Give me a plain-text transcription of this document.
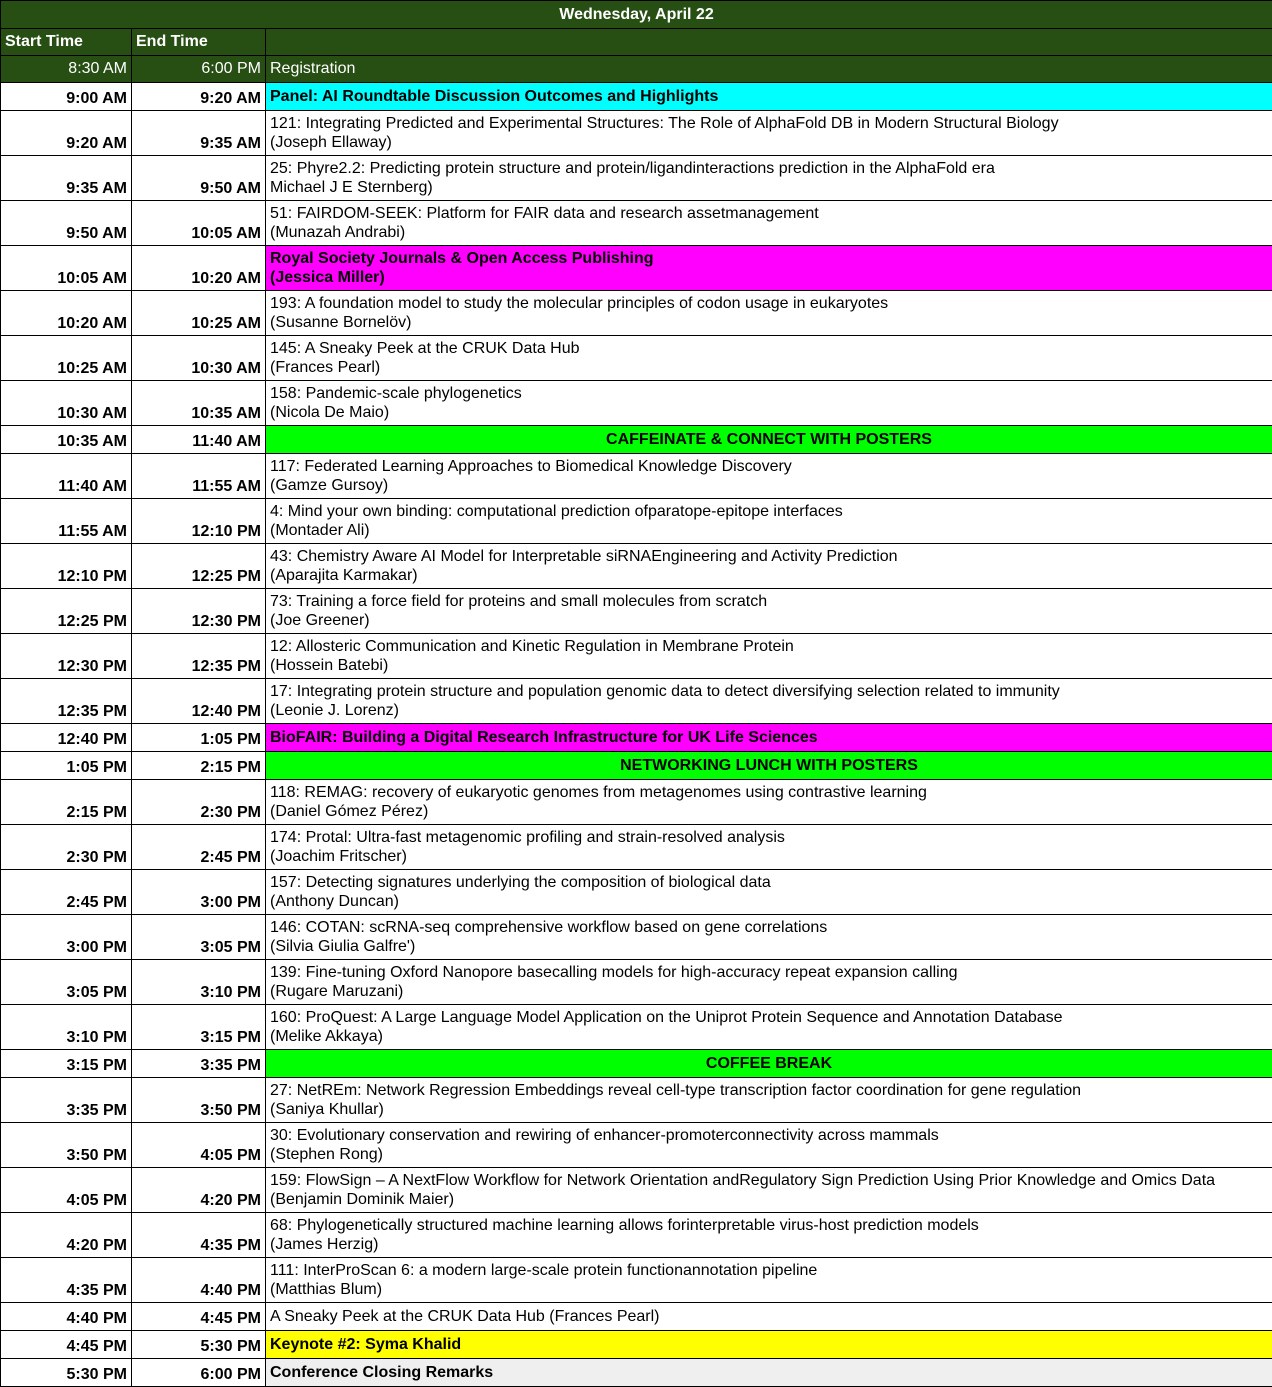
Wednesday, April 22		
Start Time	End Time	
8:30 AM	6:00 PM	Registration
9:00 AM	9:20 AM	Panel: AI Roundtable Discussion Outcomes and Highlights

9:20 AM	9:35 AM	121: Integrating Predicted and Experimental Structures: The Role of AlphaFold DB in Modern Structural Biology
(Joseph Ellaway)

9:35 AM	9:50 AM	25: Phyre2.2: Predicting protein structure and protein/ligandinteractions prediction in the AlphaFold era
Michael J E Sternberg)

9:50 AM	10:05 AM	51: FAIRDOM-SEEK: Platform for FAIR data and research assetmanagement
(Munazah Andrabi)

10:05 AM	10:20 AM	Royal Society Journals & Open Access Publishing
(Jessica Miller)

10:20 AM	10:25 AM	193: A foundation model to study the molecular principles of codon usage in eukaryotes
(Susanne Bornelöv)

10:25 AM	10:30 AM	145: A Sneaky Peek at the CRUK Data Hub
(Frances Pearl)

10:30 AM	10:35 AM	158: Pandemic-scale phylogenetics
(Nicola De Maio)

10:35 AM	11:40 AM	CAFFEINATE & CONNECT WITH POSTERS

11:40 AM	11:55 AM	117: Federated Learning Approaches to Biomedical Knowledge Discovery
(Gamze Gursoy)

11:55 AM	12:10 PM	4: Mind your own binding: computational prediction ofparatope-epitope interfaces
(Montader Ali)

12:10 PM	12:25 PM	43: Chemistry Aware AI Model for Interpretable siRNAEngineering and Activity Prediction
(Aparajita Karmakar)

12:25 PM	12:30 PM	73: Training a force field for proteins and small molecules from scratch
(Joe Greener)

12:30 PM	12:35 PM	12: Allosteric Communication and Kinetic Regulation in Membrane Protein
(Hossein Batebi)

12:35 PM	12:40 PM	17: Integrating protein structure and population genomic data to detect diversifying selection related to immunity
(Leonie J. Lorenz)

12:40 PM	1:05 PM	BioFAIR: Building a Digital Research Infrastructure for UK Life Sciences

1:05 PM	2:15 PM	NETWORKING LUNCH WITH POSTERS

2:15 PM	2:30 PM	118: REMAG: recovery of eukaryotic genomes from metagenomes using contrastive learning
(Daniel Gómez Pérez)

2:30 PM	2:45 PM	174: Protal: Ultra-fast metagenomic profiling and strain-resolved analysis
(Joachim Fritscher)

2:45 PM	3:00 PM	157: Detecting signatures underlying the composition of biological data
(Anthony Duncan)

3:00 PM	3:05 PM	146: COTAN: scRNA-seq comprehensive workflow based on gene correlations
(Silvia Giulia Galfre')

3:05 PM	3:10 PM	139: Fine-tuning Oxford Nanopore basecalling models for high-accuracy repeat expansion calling
(Rugare Maruzani)

3:10 PM	3:15 PM	160: ProQuest: A Large Language Model Application on the Uniprot Protein Sequence and Annotation Database
(Melike Akkaya)

3:15 PM	3:35 PM	COFFEE BREAK

3:35 PM	3:50 PM	27: NetREm: Network Regression Embeddings reveal cell-type transcription factor coordination for gene regulation
(Saniya Khullar)

3:50 PM	4:05 PM	30: Evolutionary conservation and rewiring of enhancer-promoterconnectivity across mammals
(Stephen Rong)

4:05 PM	4:20 PM	159: FlowSign – A NextFlow Workflow for Network Orientation andRegulatory Sign Prediction Using Prior Knowledge and Omics Data
(Benjamin Dominik Maier)

4:20 PM	4:35 PM	68: Phylogenetically structured machine learning allows forinterpretable virus-host prediction models
(James Herzig)

4:35 PM	4:40 PM	111: InterProScan 6: a modern large-scale protein functionannotation pipeline
(Matthias Blum)

4:40 PM	4:45 PM	A Sneaky Peek at the CRUK Data Hub (Frances Pearl)

4:45 PM	5:30 PM	Keynote #2: Syma Khalid

5:30 PM	6:00 PM	Conference Closing Remarks
